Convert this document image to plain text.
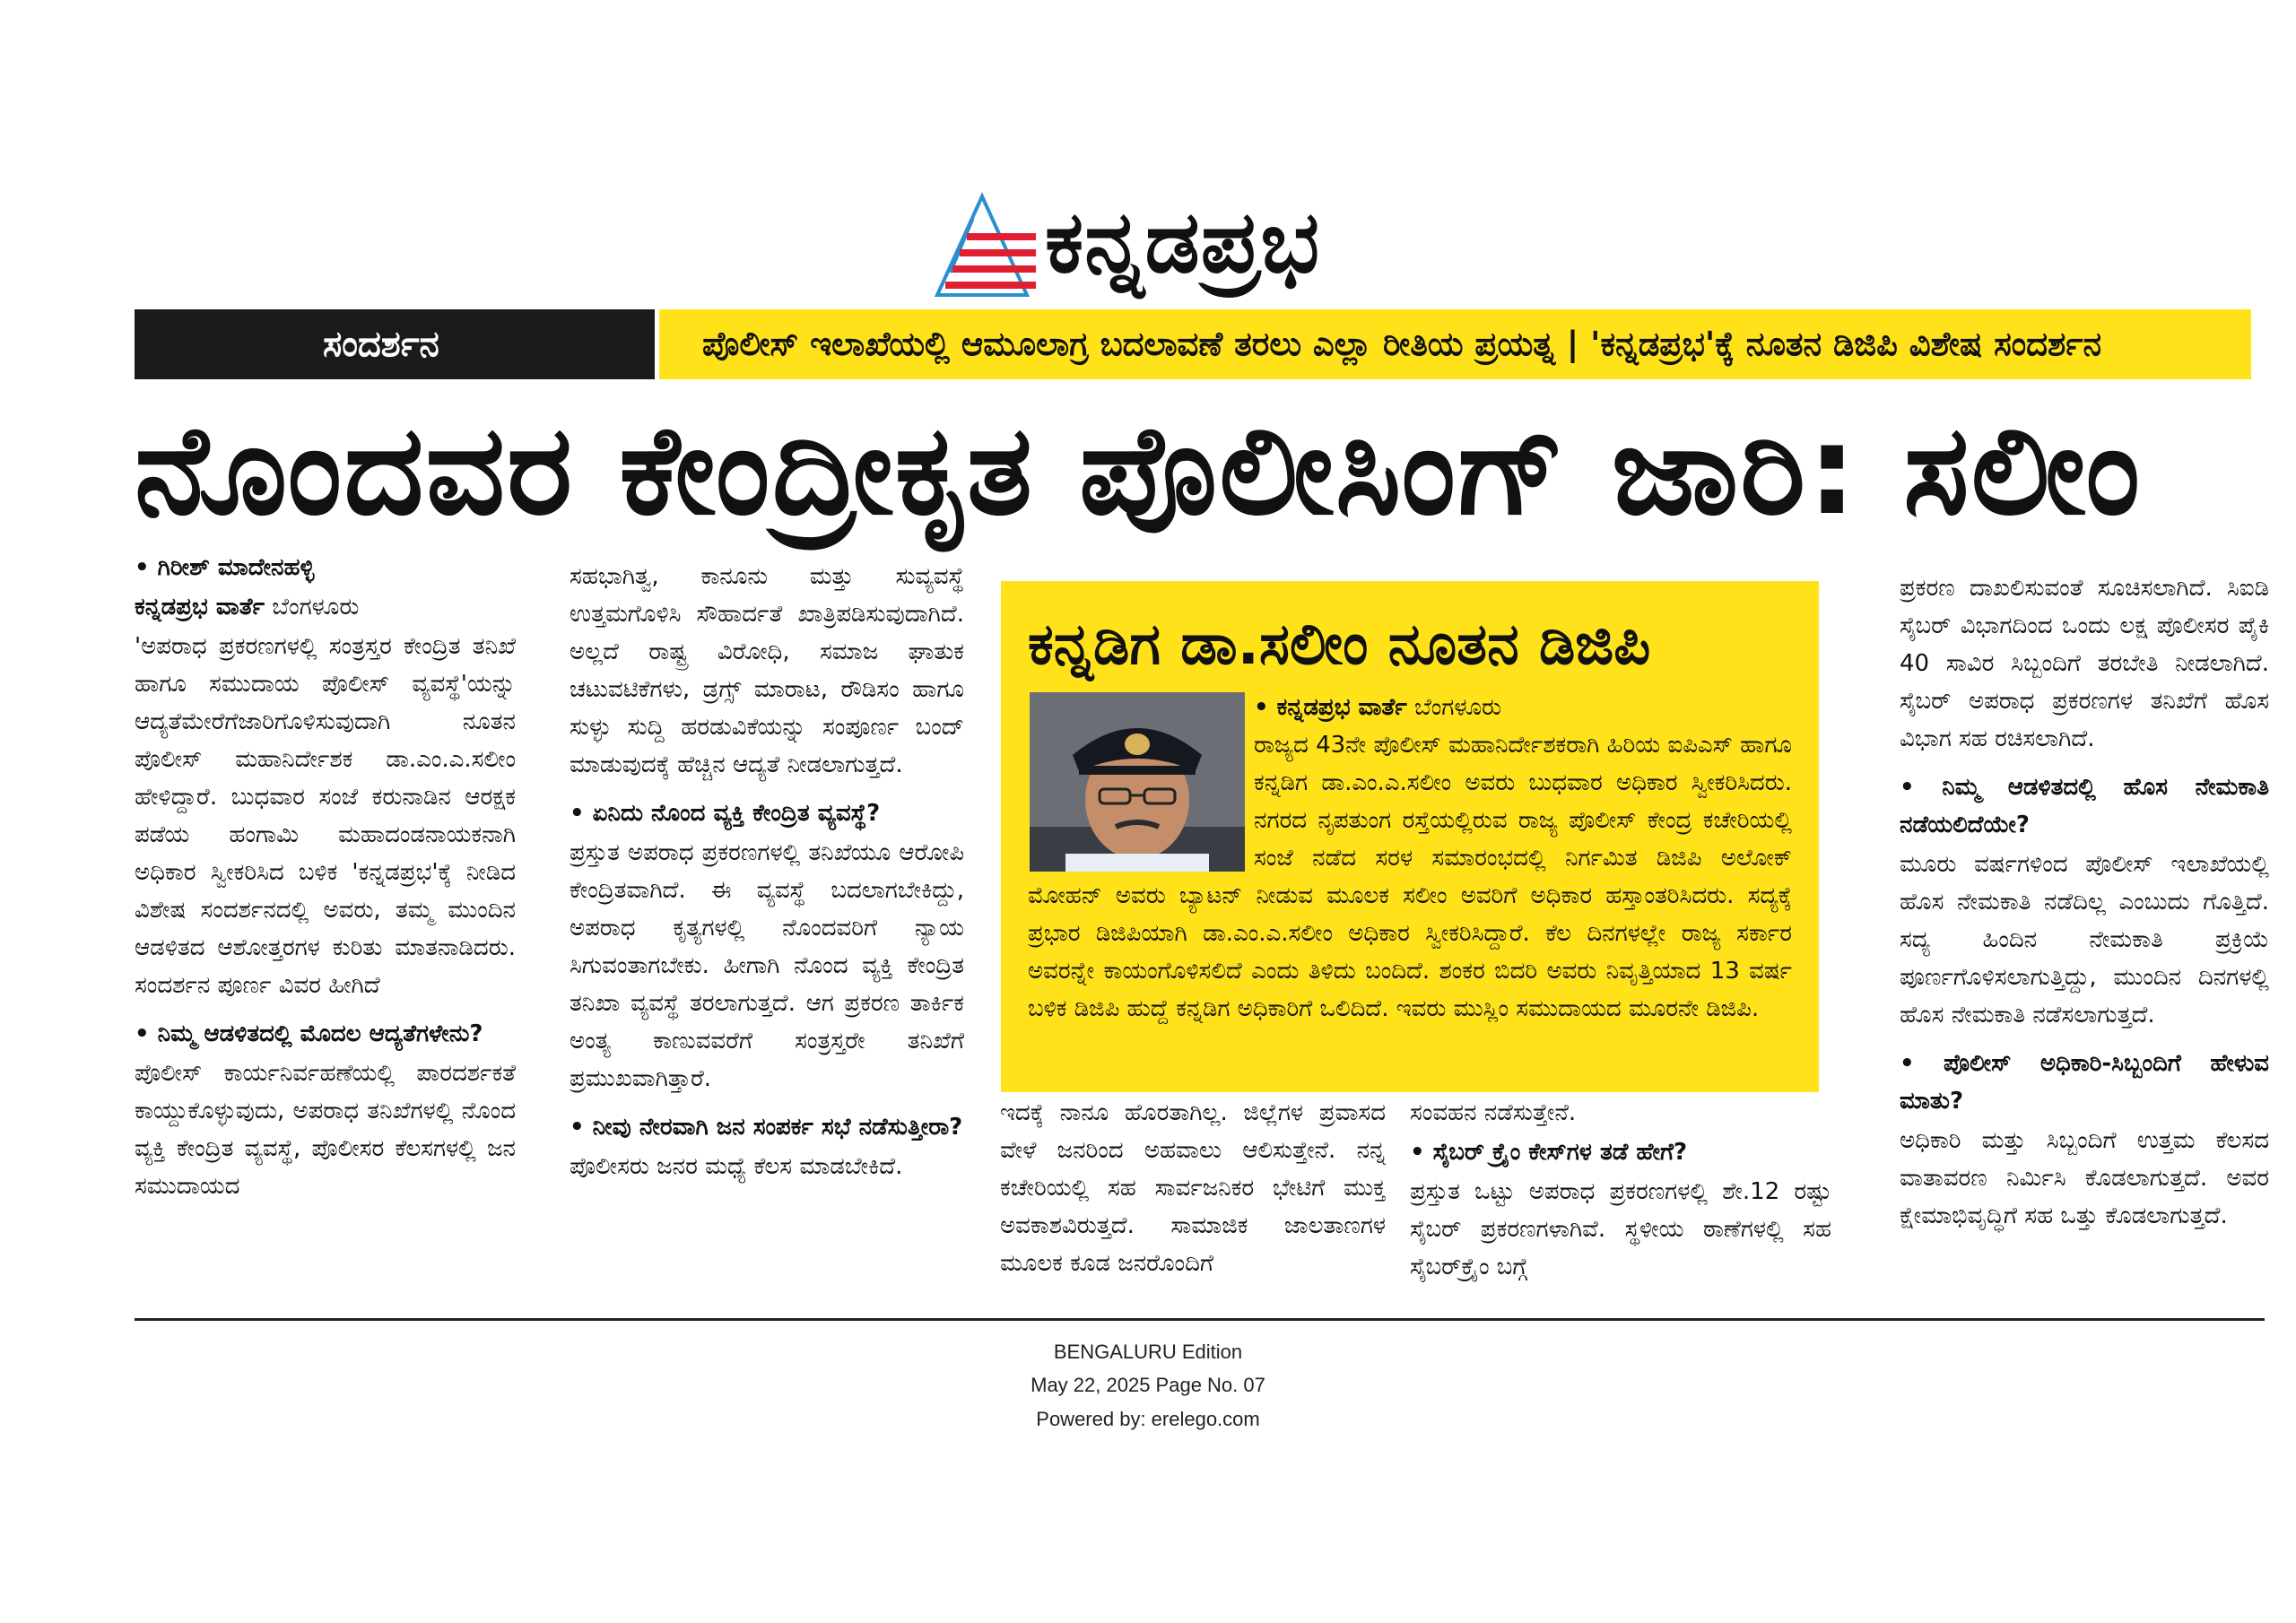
ಕನ್ನಡಪ್ರಭ
ಸಂದರ್ಶನ	ಪೊಲೀಸ್ ಇಲಾಖೆಯಲ್ಲಿ ಆಮೂಲಾಗ್ರ ಬದಲಾವಣೆ ತರಲು ಎಲ್ಲಾ ರೀತಿಯ ಪ್ರಯತ್ನ | 'ಕನ್ನಡಪ್ರಭ'ಕ್ಕೆ ನೂತನ ಡಿಜಿಪಿ ವಿಶೇಷ ಸಂದರ್ಶನ
ನೊಂದವರ ಕೇಂದ್ರೀಕೃತ ಪೊಲೀಸಿಂಗ್ ಜಾರಿ: ಸಲೀಂ

• ಗಿರೀಶ್ ಮಾದೇನಹಳ್ಳಿ

ಕನ್ನಡಪ್ರಭ ವಾರ್ತೆ ಬೆಂಗಳೂರು

'ಅಪರಾಧ ಪ್ರಕರಣಗಳಲ್ಲಿ ಸಂತ್ರಸ್ತರ ಕೇಂದ್ರಿತ ತನಿಖೆ ಹಾಗೂ ಸಮುದಾಯ ಪೊಲೀಸ್ ವ್ಯವಸ್ಥೆ'ಯನ್ನು ಆದ್ಯತೆಮೇರೆಗೆಜಾರಿಗೊಳಿಸುವುದಾಗಿ ನೂತನ ಪೊಲೀಸ್ ಮಹಾನಿರ್ದೇಶಕ ಡಾ.ಎಂ.ಎ.ಸಲೀಂ ಹೇಳಿದ್ದಾರೆ. ಬುಧವಾರ ಸಂಜೆ ಕರುನಾಡಿನ ಆರಕ್ಷಕ ಪಡೆಯ ಹಂಗಾಮಿ ಮಹಾದಂಡನಾಯಕನಾಗಿ ಅಧಿಕಾರ ಸ್ವೀಕರಿಸಿದ ಬಳಿಕ 'ಕನ್ನಡಪ್ರಭ'ಕ್ಕೆ ನೀಡಿದ ವಿಶೇಷ ಸಂದರ್ಶನದಲ್ಲಿ ಅವರು, ತಮ್ಮ ಮುಂದಿನ ಆಡಳಿತದ ಆಶೋತ್ತರಗಳ ಕುರಿತು ಮಾತನಾಡಿದರು. ಸಂದರ್ಶನ ಪೂರ್ಣ ವಿವರ ಹೀಗಿದೆ

• ನಿಮ್ಮ ಆಡಳಿತದಲ್ಲಿ ಮೊದಲ ಆದ್ಯತೆಗಳೇನು?

ಪೊಲೀಸ್ ಕಾರ್ಯನಿರ್ವಹಣೆಯಲ್ಲಿ ಪಾರದರ್ಶಕತೆ ಕಾಯ್ದುಕೊಳ್ಳುವುದು, ಅಪರಾಧ ತನಿಖೆಗಳಲ್ಲಿ ನೊಂದ ವ್ಯಕ್ತಿ ಕೇಂದ್ರಿತ ವ್ಯವಸ್ಥೆ, ಪೊಲೀಸರ ಕೆಲಸಗಳಲ್ಲಿ ಜನ ಸಮುದಾಯದ

ಸಹಭಾಗಿತ್ವ, ಕಾನೂನು ಮತ್ತು ಸುವ್ಯವಸ್ಥೆ ಉತ್ತಮಗೊಳಿಸಿ ಸೌಹಾರ್ದತೆ ಖಾತ್ರಿಪಡಿಸುವುದಾಗಿದೆ. ಅಲ್ಲದೆ ರಾಷ್ಟ್ರ ವಿರೋಧಿ, ಸಮಾಜ ಘಾತುಕ ಚಟುವಟಿಕೆಗಳು, ಡ್ರಗ್ಸ್ ಮಾರಾಟ, ರೌಡಿಸಂ ಹಾಗೂ ಸುಳ್ಳು ಸುದ್ದಿ ಹರಡುವಿಕೆಯನ್ನು ಸಂಪೂರ್ಣ ಬಂದ್ ಮಾಡುವುದಕ್ಕೆ ಹೆಚ್ಚಿನ ಆದ್ಯತೆ ನೀಡಲಾಗುತ್ತದೆ.

• ಏನಿದು ನೊಂದ ವ್ಯಕ್ತಿ ಕೇಂದ್ರಿತ ವ್ಯವಸ್ಥೆ?

ಪ್ರಸ್ತುತ ಅಪರಾಧ ಪ್ರಕರಣಗಳಲ್ಲಿ ತನಿಖೆಯೂ ಆರೋಪಿ ಕೇಂದ್ರಿತವಾಗಿದೆ. ಈ ವ್ಯವಸ್ಥೆ ಬದಲಾಗಬೇಕಿದ್ದು, ಅಪರಾಧ ಕೃತ್ಯಗಳಲ್ಲಿ ನೊಂದವರಿಗೆ ನ್ಯಾಯ ಸಿಗುವಂತಾಗಬೇಕು. ಹೀಗಾಗಿ ನೊಂದ ವ್ಯಕ್ತಿ ಕೇಂದ್ರಿತ ತನಿಖಾ ವ್ಯವಸ್ಥೆ ತರಲಾಗುತ್ತದೆ. ಆಗ ಪ್ರಕರಣ ತಾರ್ಕಿಕ ಅಂತ್ಯ ಕಾಣುವವರೆಗೆ ಸಂತ್ರಸ್ತರೇ ತನಿಖೆಗೆ ಪ್ರಮುಖವಾಗಿತ್ತಾರೆ.

• ನೀವು ನೇರವಾಗಿ ಜನ ಸಂಪರ್ಕ ಸಭೆ ನಡೆಸುತ್ತೀರಾ?

ಪೊಲೀಸರು ಜನರ ಮಧ್ಯೆ ಕೆಲಸ ಮಾಡಬೇಕಿದೆ.

ಕನ್ನಡಿಗ ಡಾ.ಸಲೀಂ ನೂತನ ಡಿಜಿಪಿ

• ಕನ್ನಡಪ್ರಭ ವಾರ್ತೆ ಬೆಂಗಳೂರು

ರಾಜ್ಯದ 43ನೇ ಪೊಲೀಸ್ ಮಹಾನಿರ್ದೇಶಕರಾಗಿ ಹಿರಿಯ ಐಪಿಎಸ್ ಹಾಗೂ ಕನ್ನಡಿಗ ಡಾ.ಎಂ.ಎ.ಸಲೀಂ ಅವರು ಬುಧವಾರ ಅಧಿಕಾರ ಸ್ವೀಕರಿಸಿದರು. ನಗರದ ನೃಪತುಂಗ ರಸ್ತೆಯಲ್ಲಿರುವ ರಾಜ್ಯ ಪೊಲೀಸ್ ಕೇಂದ್ರ ಕಚೇರಿಯಲ್ಲಿ ಸಂಜೆ ನಡೆದ ಸರಳ ಸಮಾರಂಭದಲ್ಲಿ ನಿರ್ಗಮಿತ ಡಿಜಿಪಿ ಅಲೋಕ್ ಮೋಹನ್ ಅವರು ಬ್ಯಾಟನ್ ನೀಡುವ ಮೂಲಕ ಸಲೀಂ ಅವರಿಗೆ ಅಧಿಕಾರ ಹಸ್ತಾಂತರಿಸಿದರು. ಸದ್ಯಕ್ಕೆ ಪ್ರಭಾರ ಡಿಜಿಪಿಯಾಗಿ ಡಾ.ಎಂ.ಎ.ಸಲೀಂ ಅಧಿಕಾರ ಸ್ವೀಕರಿಸಿದ್ದಾರೆ. ಕೆಲ ದಿನಗಳಲ್ಲೇ ರಾಜ್ಯ ಸರ್ಕಾರ ಅವರನ್ನೇ ಕಾಯಂಗೊಳಿಸಲಿದೆ ಎಂದು ತಿಳಿದು ಬಂದಿದೆ. ಶಂಕರ ಬಿದರಿ ಅವರು ನಿವೃತ್ತಿಯಾದ 13 ವರ್ಷ ಬಳಿಕ ಡಿಜಿಪಿ ಹುದ್ದೆ ಕನ್ನಡಿಗ ಅಧಿಕಾರಿಗೆ ಒಲಿದಿದೆ. ಇವರು ಮುಸ್ಲಿಂ ಸಮುದಾಯದ ಮೂರನೇ ಡಿಜಿಪಿ.

ಇದಕ್ಕೆ ನಾನೂ ಹೊರತಾಗಿಲ್ಲ. ಜಿಲ್ಲೆಗಳ ಪ್ರವಾಸದ ವೇಳೆ ಜನರಿಂದ ಅಹವಾಲು ಆಲಿಸುತ್ತೇನೆ. ನನ್ನ ಕಚೇರಿಯಲ್ಲಿ ಸಹ ಸಾರ್ವಜನಿಕರ ಭೇಟಿಗೆ ಮುಕ್ತ ಅವಕಾಶವಿರುತ್ತದೆ. ಸಾಮಾಜಿಕ ಜಾಲತಾಣಗಳ ಮೂಲಕ ಕೂಡ ಜನರೊಂದಿಗೆ

ಸಂವಹನ ನಡೆಸುತ್ತೇನೆ.

• ಸೈಬರ್ ಕ್ರೈಂ ಕೇಸ್‌ಗಳ ತಡೆ ಹೇಗೆ?

ಪ್ರಸ್ತುತ ಒಟ್ಟು ಅಪರಾಧ ಪ್ರಕರಣಗಳಲ್ಲಿ ಶೇ.12 ರಷ್ಟು ಸೈಬರ್ ಪ್ರಕರಣಗಳಾಗಿವೆ. ಸ್ಥಳೀಯ ಠಾಣೆಗಳಲ್ಲಿ ಸಹ ಸೈಬರ್‌ಕ್ರೈಂ ಬಗ್ಗೆ

ಪ್ರಕರಣ ದಾಖಲಿಸುವಂತೆ ಸೂಚಿಸಲಾಗಿದೆ. ಸಿಐಡಿ ಸೈಬರ್ ವಿಭಾಗದಿಂದ ಒಂದು ಲಕ್ಷ ಪೊಲೀಸರ ಪೈಕಿ 40 ಸಾವಿರ ಸಿಬ್ಬಂದಿಗೆ ತರಬೇತಿ ನೀಡಲಾಗಿದೆ. ಸೈಬರ್ ಅಪರಾಧ ಪ್ರಕರಣಗಳ ತನಿಖೆಗೆ ಹೊಸ ವಿಭಾಗ ಸಹ ರಚಿಸಲಾಗಿದೆ.

• ನಿಮ್ಮ ಆಡಳಿತದಲ್ಲಿ ಹೊಸ ನೇಮಕಾತಿ ನಡೆಯಲಿದೆಯೇ?

ಮೂರು ವರ್ಷಗಳಿಂದ ಪೊಲೀಸ್ ಇಲಾಖೆಯಲ್ಲಿ ಹೊಸ ನೇಮಕಾತಿ ನಡೆದಿಲ್ಲ ಎಂಬುದು ಗೊತ್ತಿದೆ. ಸದ್ಯ ಹಿಂದಿನ ನೇಮಕಾತಿ ಪ್ರಕ್ರಿಯೆ ಪೂರ್ಣಗೊಳಿಸಲಾಗುತ್ತಿದ್ದು, ಮುಂದಿನ ದಿನಗಳಲ್ಲಿ ಹೊಸ ನೇಮಕಾತಿ ನಡೆಸಲಾಗುತ್ತದೆ.

• ಪೊಲೀಸ್ ಅಧಿಕಾರಿ-ಸಿಬ್ಬಂದಿಗೆ ಹೇಳುವ ಮಾತು?

ಅಧಿಕಾರಿ ಮತ್ತು ಸಿಬ್ಬಂದಿಗೆ ಉತ್ತಮ ಕೆಲಸದ ವಾತಾವರಣ ನಿರ್ಮಿಸಿ ಕೊಡಲಾಗುತ್ತದೆ. ಅವರ ಕ್ಷೇಮಾಭಿವೃದ್ಧಿಗೆ ಸಹ ಒತ್ತು ಕೊಡಲಾಗುತ್ತದೆ.

BENGALURU Edition
May 22, 2025 Page No. 07
Powered by: erelego.com
